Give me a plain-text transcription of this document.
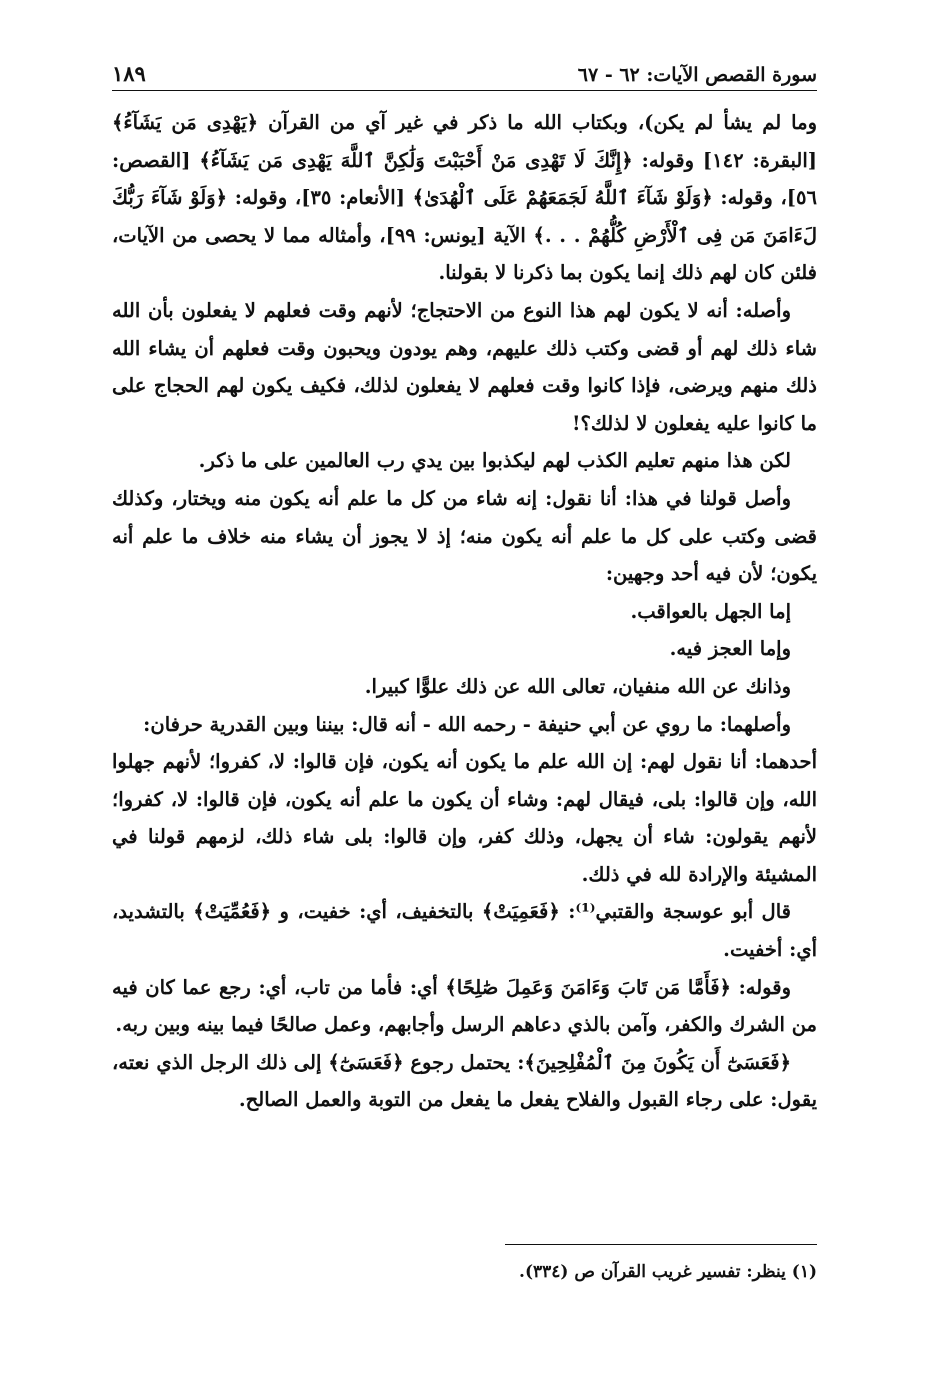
سورة القصص الآيات: ٦٢ - ٦٧
١٨٩

وما لم يشأ لم يكن)، وبكتاب الله ما ذكر في غير آي من القرآن ﴿يَهْدِى مَن يَشَآءُ﴾ [البقرة: ١٤٢] وقوله: ﴿إِنَّكَ لَا تَهْدِى مَنْ أَحْبَبْتَ وَلَٰكِنَّ ٱللَّهَ يَهْدِى مَن يَشَآءُ﴾ [القصص: ٥٦]، وقوله: ﴿وَلَوْ شَآءَ ٱللَّهُ لَجَمَعَهُمْ عَلَى ٱلْهُدَىٰ﴾ [الأنعام: ٣٥]، وقوله: ﴿وَلَوْ شَآءَ رَبُّكَ لَءَامَنَ مَن فِى ٱلْأَرْضِ كُلُّهُمْ . . .﴾ الآية [يونس: ٩٩]، وأمثاله مما لا يحصى من الآيات، فلئن كان لهم ذلك إنما يكون بما ذكرنا لا بقولنا.

وأصله: أنه لا يكون لهم هذا النوع من الاحتجاج؛ لأنهم وقت فعلهم لا يفعلون بأن الله شاء ذلك لهم أو قضى وكتب ذلك عليهم، وهم يودون ويحبون وقت فعلهم أن يشاء الله ذلك منهم ويرضى، فإذا كانوا وقت فعلهم لا يفعلون لذلك، فكيف يكون لهم الحجاج على ما كانوا عليه يفعلون لا لذلك؟!

لكن هذا منهم تعليم الكذب لهم ليكذبوا بين يدي رب العالمين على ما ذكر.

وأصل قولنا في هذا: أنا نقول: إنه شاء من كل ما علم أنه يكون منه ويختار، وكذلك قضى وكتب على كل ما علم أنه يكون منه؛ إذ لا يجوز أن يشاء منه خلاف ما علم أنه يكون؛ لأن فيه أحد وجهين:

إما الجهل بالعواقب.

وإما العجز فيه.

وذانك عن الله منفيان، تعالى الله عن ذلك علوًّا كبيرا.

وأصلهما: ما روي عن أبي حنيفة - رحمه الله - أنه قال: بيننا وبين القدرية حرفان:

أحدهما: أنا نقول لهم: إن الله علم ما يكون أنه يكون، فإن قالوا: لا، كفروا؛ لأنهم جهلوا الله، وإن قالوا: بلى، فيقال لهم: وشاء أن يكون ما علم أنه يكون، فإن قالوا: لا، كفروا؛ لأنهم يقولون: شاء أن يجهل، وذلك كفر، وإن قالوا: بلى شاء ذلك، لزمهم قولنا في المشيئة والإرادة لله في ذلك.

قال أبو عوسجة والقتبي⁽¹⁾: ﴿فَعَمِيَتْ﴾ بالتخفيف، أي: خفيت، و ﴿فَعُمِّيَتْ﴾ بالتشديد، أي: أخفيت.

وقوله: ﴿فَأَمَّا مَن تَابَ وَءَامَنَ وَعَمِلَ صَٰلِحًا﴾ أي: فأما من تاب، أي: رجع عما كان فيه من الشرك والكفر، وآمن بالذي دعاهم الرسل وأجابهم، وعمل صالحًا فيما بينه وبين ربه.

﴿فَعَسَىٰٓ أَن يَكُونَ مِنَ ٱلْمُفْلِحِينَ﴾: يحتمل رجوع ﴿فَعَسَىٰٓ﴾ إلى ذلك الرجل الذي نعته، يقول: على رجاء القبول والفلاح يفعل ما يفعل من التوبة والعمل الصالح.

(١) ينظر: تفسير غريب القرآن ص (٣٣٤).
